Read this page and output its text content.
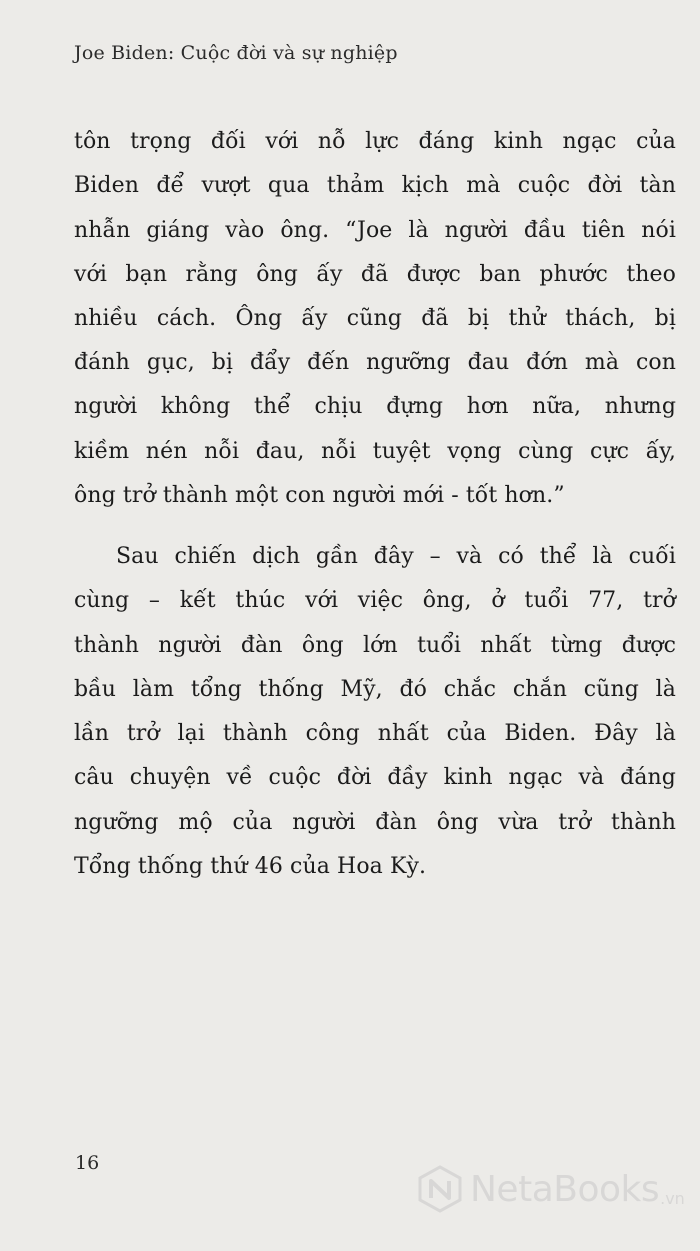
Joe Biden: Cuộc đời và sự nghiệp
tôn trọng đối với nỗ lực đáng kinh ngạc của
Biden để vượt qua thảm kịch mà cuộc đời tàn
nhẫn giáng vào ông. “Joe là người đầu tiên nói
với bạn rằng ông ấy đã được ban phước theo
nhiều cách. Ông ấy cũng đã bị thử thách, bị
đánh gục, bị đẩy đến ngưỡng đau đớn mà con
người không thể chịu đựng hơn nữa, nhưng
kiềm nén nỗi đau, nỗi tuyệt vọng cùng cực ấy,
ông trở thành một con người mới - tốt hơn.”
Sau chiến dịch gần đây – và có thể là cuối
cùng – kết thúc với việc ông, ở tuổi 77, trở
thành người đàn ông lớn tuổi nhất từng được
bầu làm tổng thống Mỹ, đó chắc chắn cũng là
lần trở lại thành công nhất của Biden. Đây là
câu chuyện về cuộc đời đầy kinh ngạc và đáng
ngưỡng mộ của người đàn ông vừa trở thành
Tổng thống thứ 46 của Hoa Kỳ.
16
NetaBooks .vn
